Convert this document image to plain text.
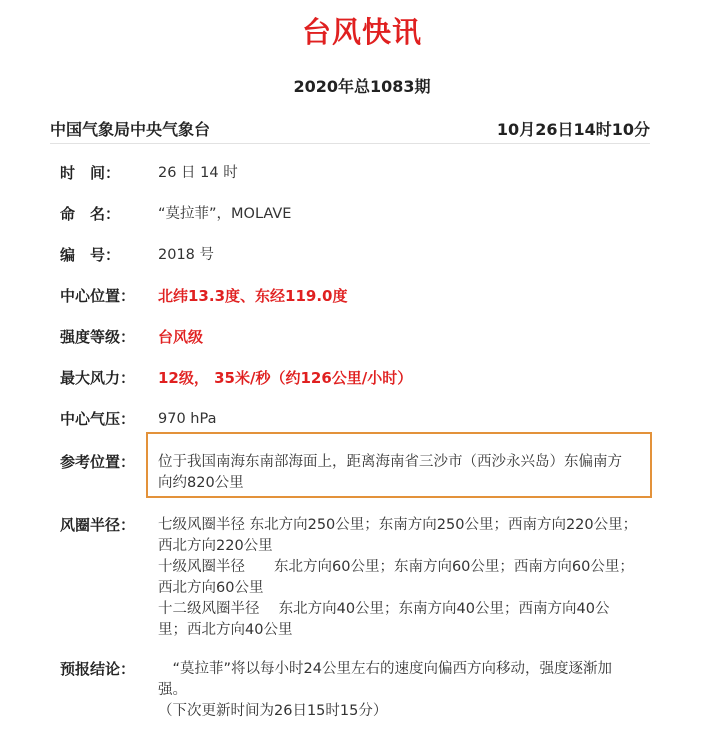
台风快讯
2020年总1083期
中国气象局中央气象台	10月26日14时10分
时　间：	26 日 14 时
命　名：	“莫拉菲”，MOLAVE
编　号：	2018 号
中心位置：	北纬13.3度、东经119.0度
强度等级：	台风级
最大风力：	12级， 35米/秒（约126公里/小时）
中心气压：	970 hPa
参考位置：	位于我国南海东南部海面上，距离海南省三沙市（西沙永兴岛）东偏南方向约820公里
风圈半径：	七级风圈半径 东北方向250公里；东南方向250公里；西南方向220公里；西北方向220公里
十级风圈半径　　东北方向60公里；东南方向60公里；西南方向60公里；西北方向60公里
十二级风圈半径　 东北方向40公里；东南方向40公里；西南方向40公里；西北方向40公里
预报结论：	　“莫拉菲”将以每小时24公里左右的速度向偏西方向移动，强度逐渐加强。
（下次更新时间为26日15时15分）
